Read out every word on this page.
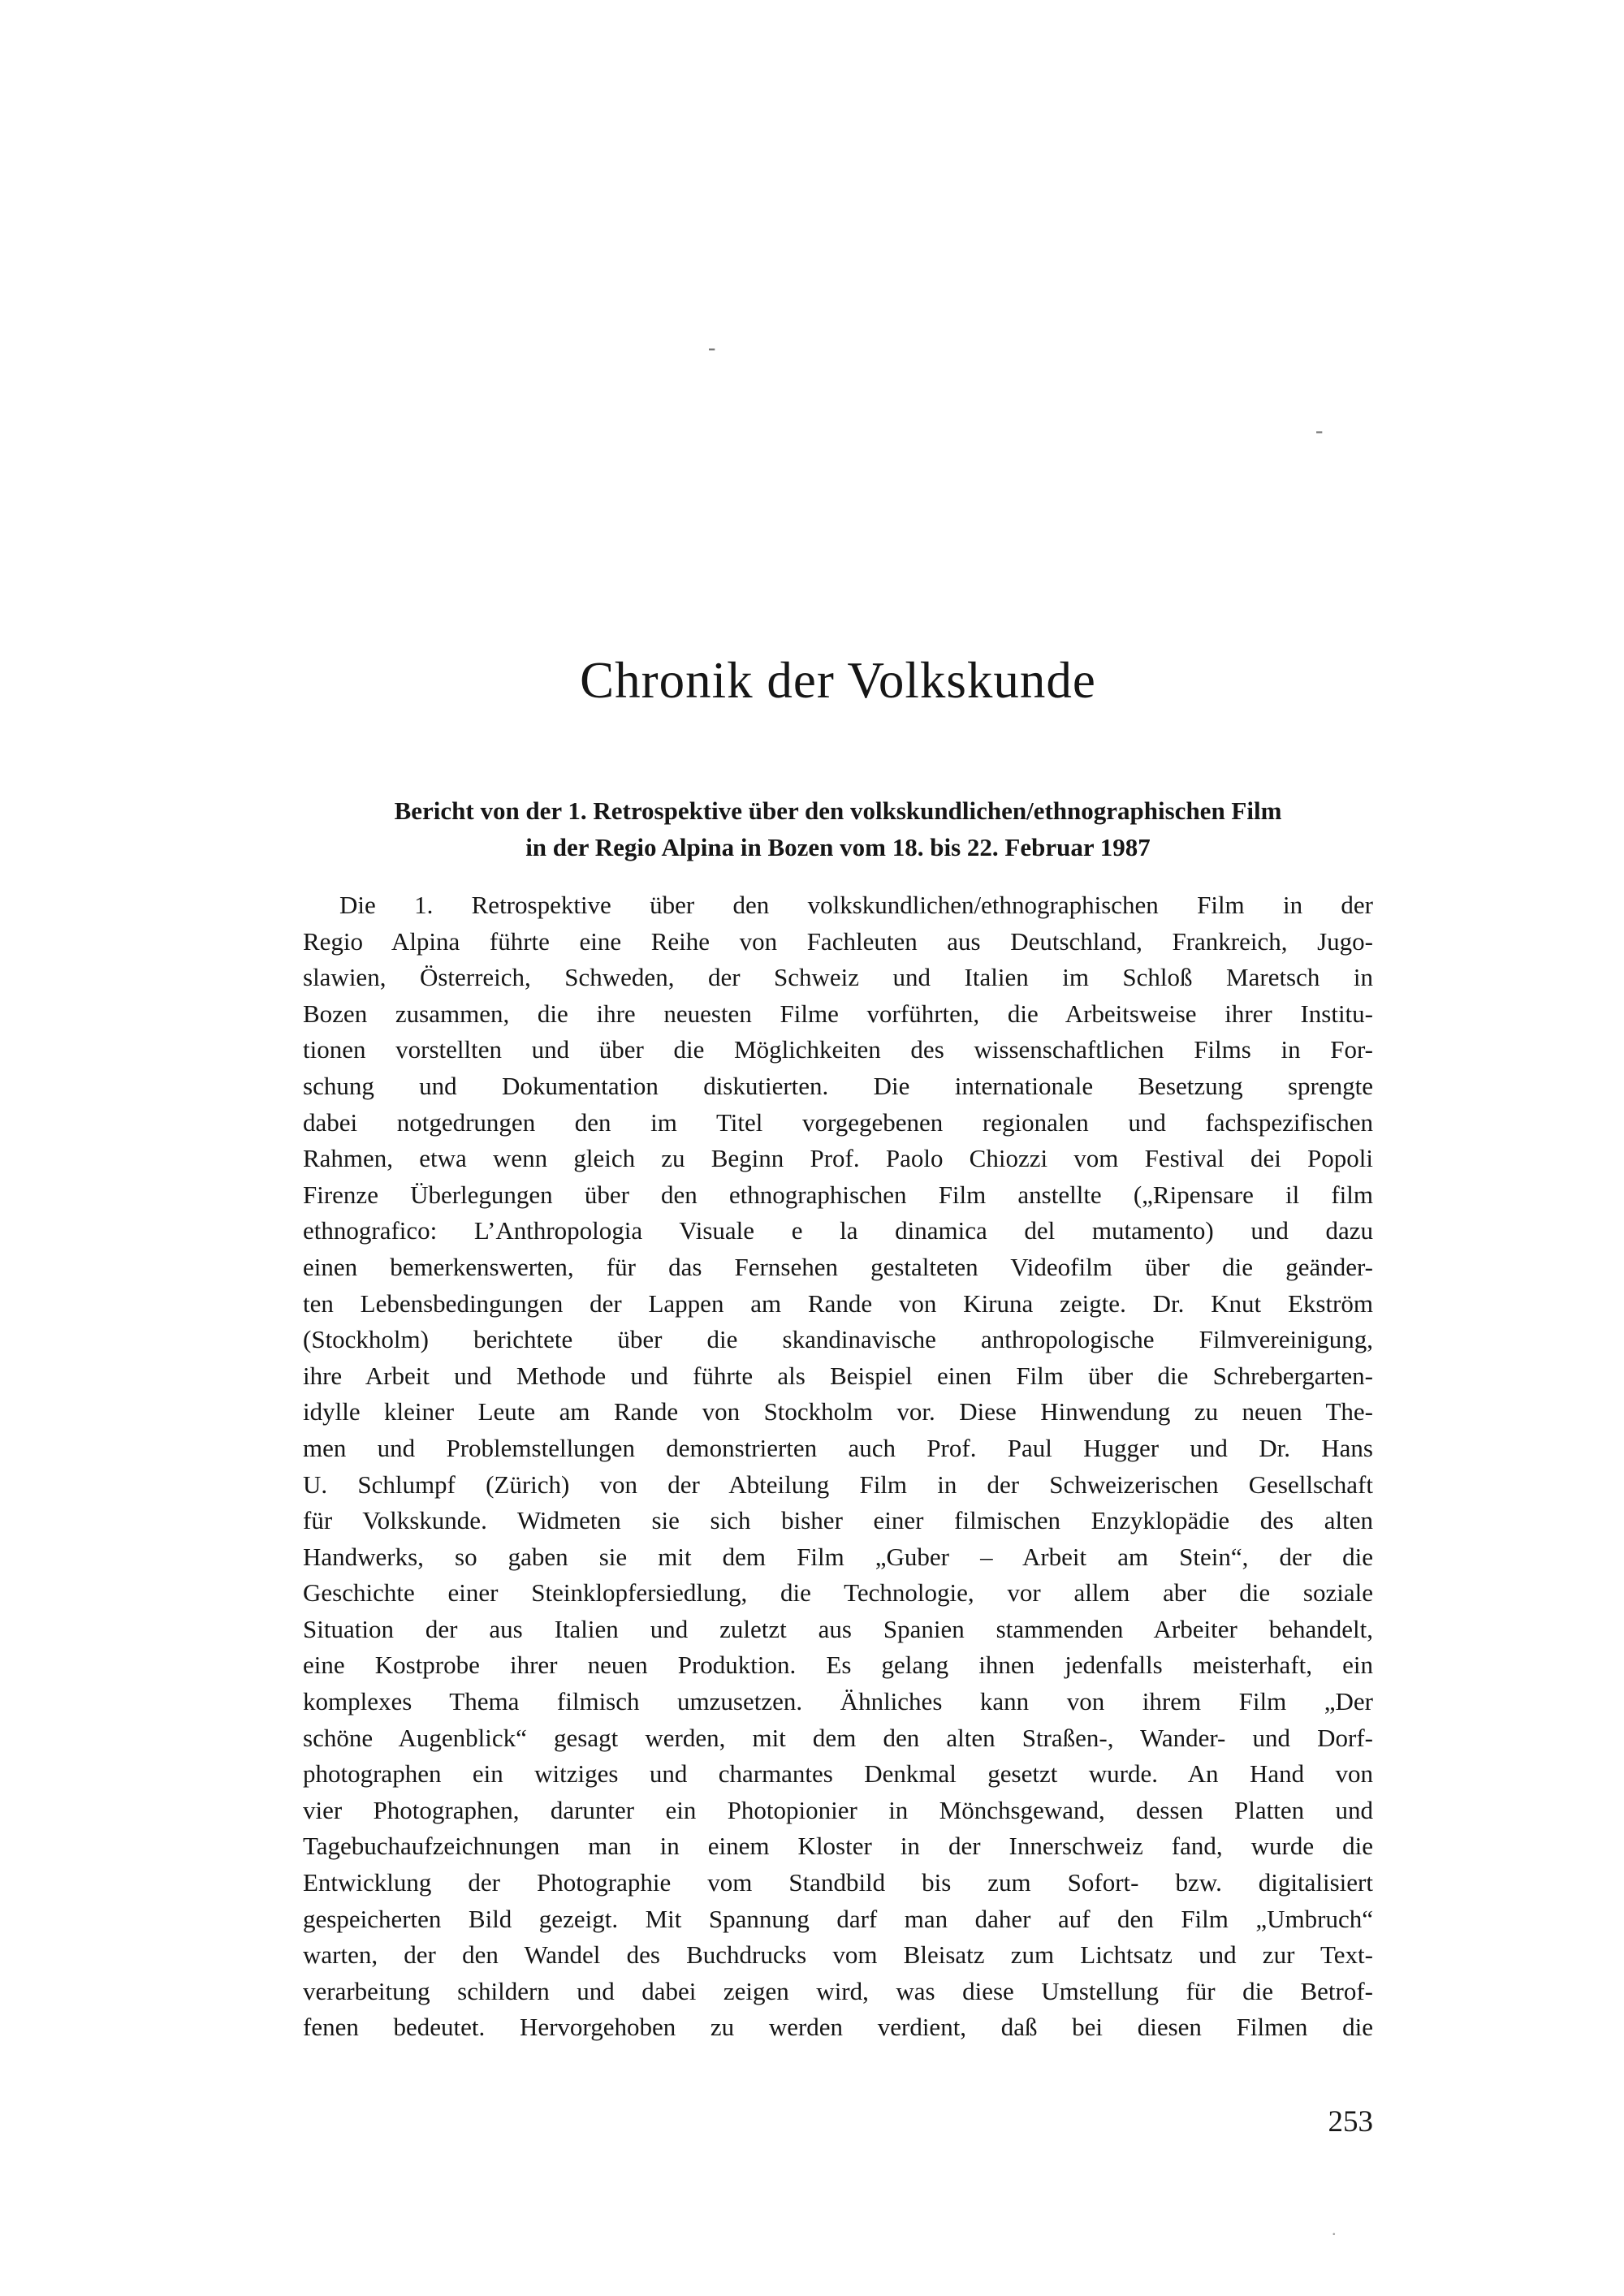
-
-
Chronik der Volkskunde
Bericht von der 1. Retrospektive über den volkskundlichen/ethnographischen Film
in der Regio Alpina in Bozen vom 18. bis 22. Februar 1987
Die 1. Retrospektive über den volkskundlichen/ethnographischen Film in der
Regio Alpina führte eine Reihe von Fachleuten aus Deutschland, Frankreich, Jugo-
slawien, Österreich, Schweden, der Schweiz und Italien im Schloß Maretsch in
Bozen zusammen, die ihre neuesten Filme vorführten, die Arbeitsweise ihrer Institu-
tionen vorstellten und über die Möglichkeiten des wissenschaftlichen Films in For-
schung und Dokumentation diskutierten. Die internationale Besetzung sprengte
dabei notgedrungen den im Titel vorgegebenen regionalen und fachspezifischen
Rahmen, etwa wenn gleich zu Beginn Prof. Paolo Chiozzi vom Festival dei Popoli
Firenze Überlegungen über den ethnographischen Film anstellte („Ripensare il film
ethnografico: L’Anthropologia Visuale e la dinamica del mutamento) und dazu
einen bemerkenswerten, für das Fernsehen gestalteten Videofilm über die geänder-
ten Lebensbedingungen der Lappen am Rande von Kiruna zeigte. Dr. Knut Ekström
(Stockholm) berichtete über die skandinavische anthropologische Filmvereinigung,
ihre Arbeit und Methode und führte als Beispiel einen Film über die Schrebergarten-
idylle kleiner Leute am Rande von Stockholm vor. Diese Hinwendung zu neuen The-
men und Problemstellungen demonstrierten auch Prof. Paul Hugger und Dr. Hans
U. Schlumpf (Zürich) von der Abteilung Film in der Schweizerischen Gesellschaft
für Volkskunde. Widmeten sie sich bisher einer filmischen Enzyklopädie des alten
Handwerks, so gaben sie mit dem Film „Guber – Arbeit am Stein“, der die
Geschichte einer Steinklopfersiedlung, die Technologie, vor allem aber die soziale
Situation der aus Italien und zuletzt aus Spanien stammenden Arbeiter behandelt,
eine Kostprobe ihrer neuen Produktion. Es gelang ihnen jedenfalls meisterhaft, ein
komplexes Thema filmisch umzusetzen. Ähnliches kann von ihrem Film „Der
schöne Augenblick“ gesagt werden, mit dem den alten Straßen-, Wander- und Dorf-
photographen ein witziges und charmantes Denkmal gesetzt wurde. An Hand von
vier Photographen, darunter ein Photopionier in Mönchsgewand, dessen Platten und
Tagebuchaufzeichnungen man in einem Kloster in der Innerschweiz fand, wurde die
Entwicklung der Photographie vom Standbild bis zum Sofort- bzw. digitalisiert
gespeicherten Bild gezeigt. Mit Spannung darf man daher auf den Film „Umbruch“
warten, der den Wandel des Buchdrucks vom Bleisatz zum Lichtsatz und zur Text-
verarbeitung schildern und dabei zeigen wird, was diese Umstellung für die Betrof-
fenen bedeutet. Hervorgehoben zu werden verdient, daß bei diesen Filmen die
253
.
